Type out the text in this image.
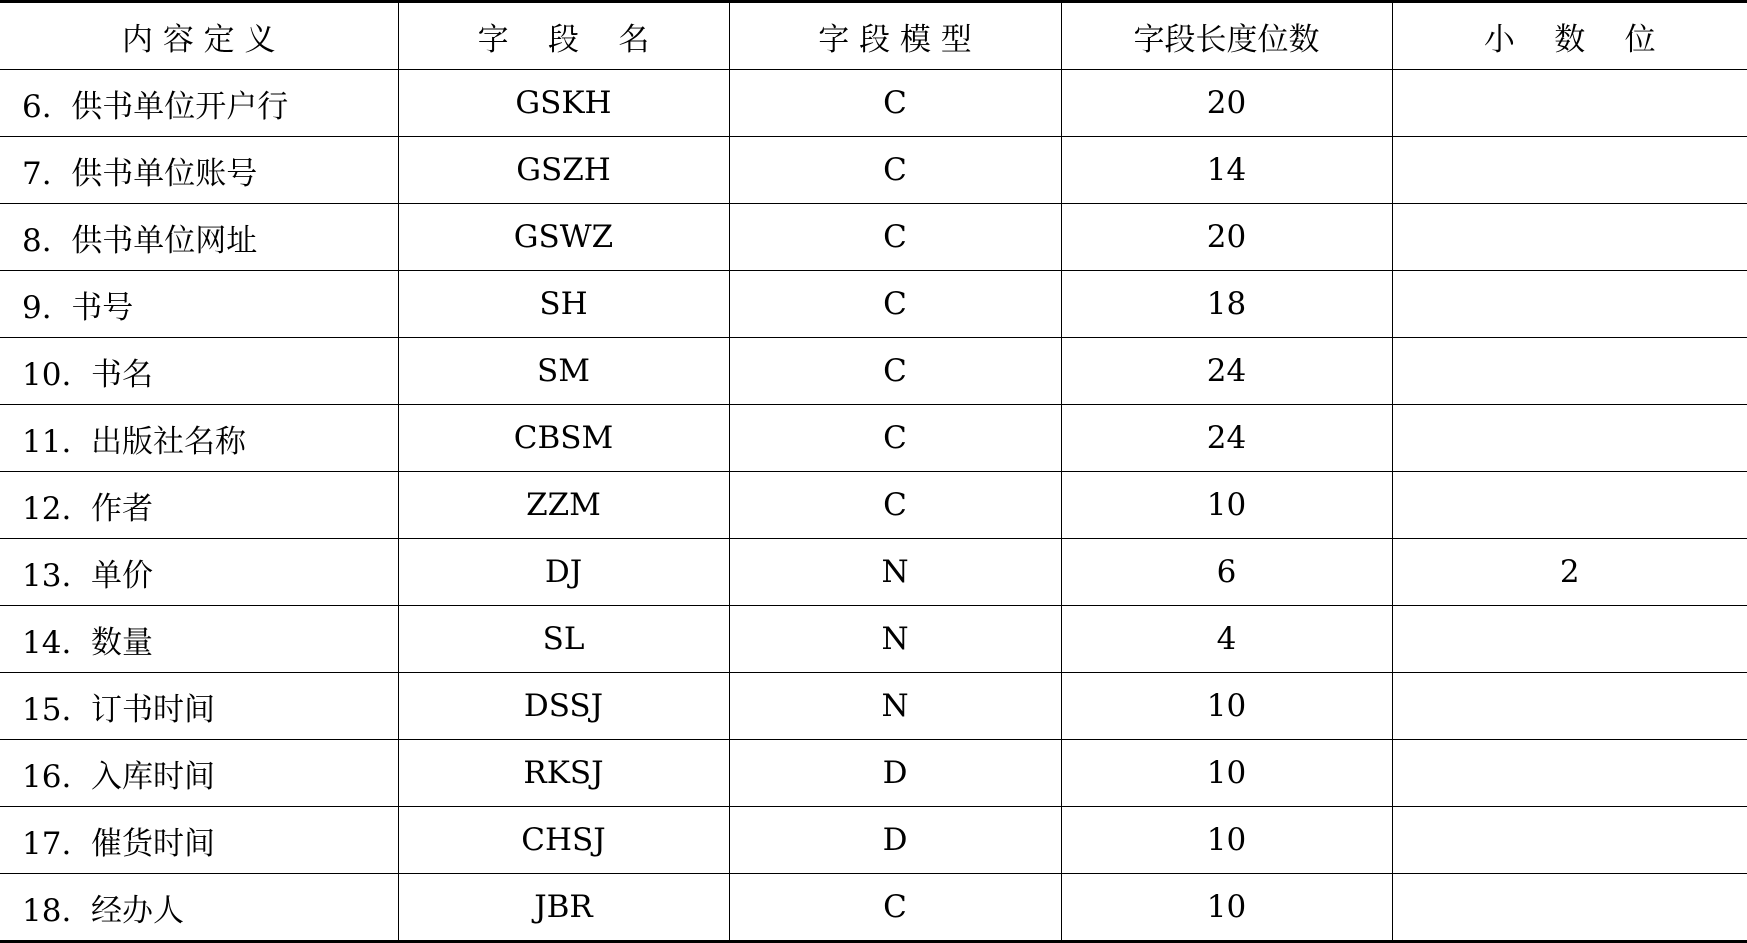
内 容 定 义	字    段    名	字 段 模 型	字段长度位数	小    数    位
6.  供书单位开户行	GSKH	C	20	
7.  供书单位账号	GSZH	C	14	
8.  供书单位网址	GSWZ	C	20	
9.  书号	SH	C	18	
10.  书名	SM	C	24	
11.  出版社名称	CBSM	C	24	
12.  作者	ZZM	C	10	
13.  单价	DJ	N	6	2
14.  数量	SL	N	4	
15.  订书时间	DSSJ	N	10	
16.  入库时间	RKSJ	D	10	
17.  催货时间	CHSJ	D	10	
18.  经办人	JBR	C	10	
